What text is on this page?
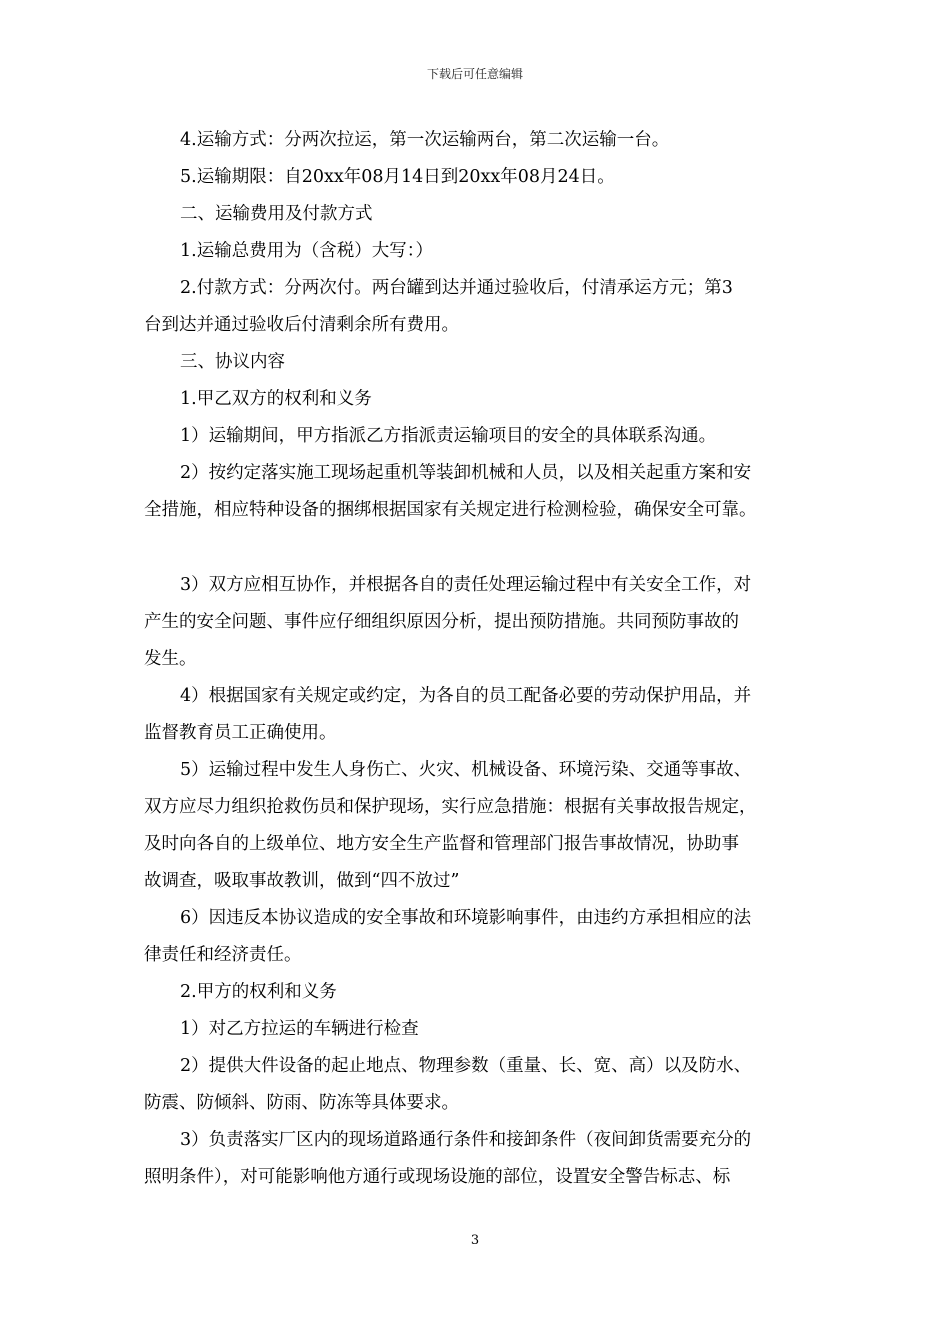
下载后可任意编辑
4.运输方式：分两次拉运，第一次运输两台，第二次运输一台。
5.运输期限：自20xx年08月14日到20xx年08月24日。
二、运输费用及付款方式
1.运输总费用为（含税）大写：）
2.付款方式：分两次付。两台罐到达并通过验收后，付清承运方元；第3
台到达并通过验收后付清剩余所有费用。
三、协议内容
1.甲乙双方的权利和义务
1）运输期间，甲方指派乙方指派责运输项目的安全的具体联系沟通。
2）按约定落实施工现场起重机等装卸机械和人员，以及相关起重方案和安
全措施，相应特种设备的捆绑根据国家有关规定进行检测检验，确保安全可靠。
3）双方应相互协作，并根据各自的责任处理运输过程中有关安全工作，对
产生的安全问题、事件应仔细组织原因分析，提出预防措施。共同预防事故的
发生。
4）根据国家有关规定或约定，为各自的员工配备必要的劳动保护用品，并
监督教育员工正确使用。
5）运输过程中发生人身伤亡、火灾、机械设备、环境污染、交通等事故、
双方应尽力组织抢救伤员和保护现场，实行应急措施：根据有关事故报告规定，
及时向各自的上级单位、地方安全生产监督和管理部门报告事故情况，协助事
故调查，吸取事故教训，做到“四不放过”
6）因违反本协议造成的安全事故和环境影响事件，由违约方承担相应的法
律责任和经济责任。
2.甲方的权利和义务
1）对乙方拉运的车辆进行检查
2）提供大件设备的起止地点、物理参数（重量、长、宽、高）以及防水、
防震、防倾斜、防雨、防冻等具体要求。
3）负责落实厂区内的现场道路通行条件和接卸条件（夜间卸货需要充分的
照明条件），对可能影响他方通行或现场设施的部位，设置安全警告标志、标
3
